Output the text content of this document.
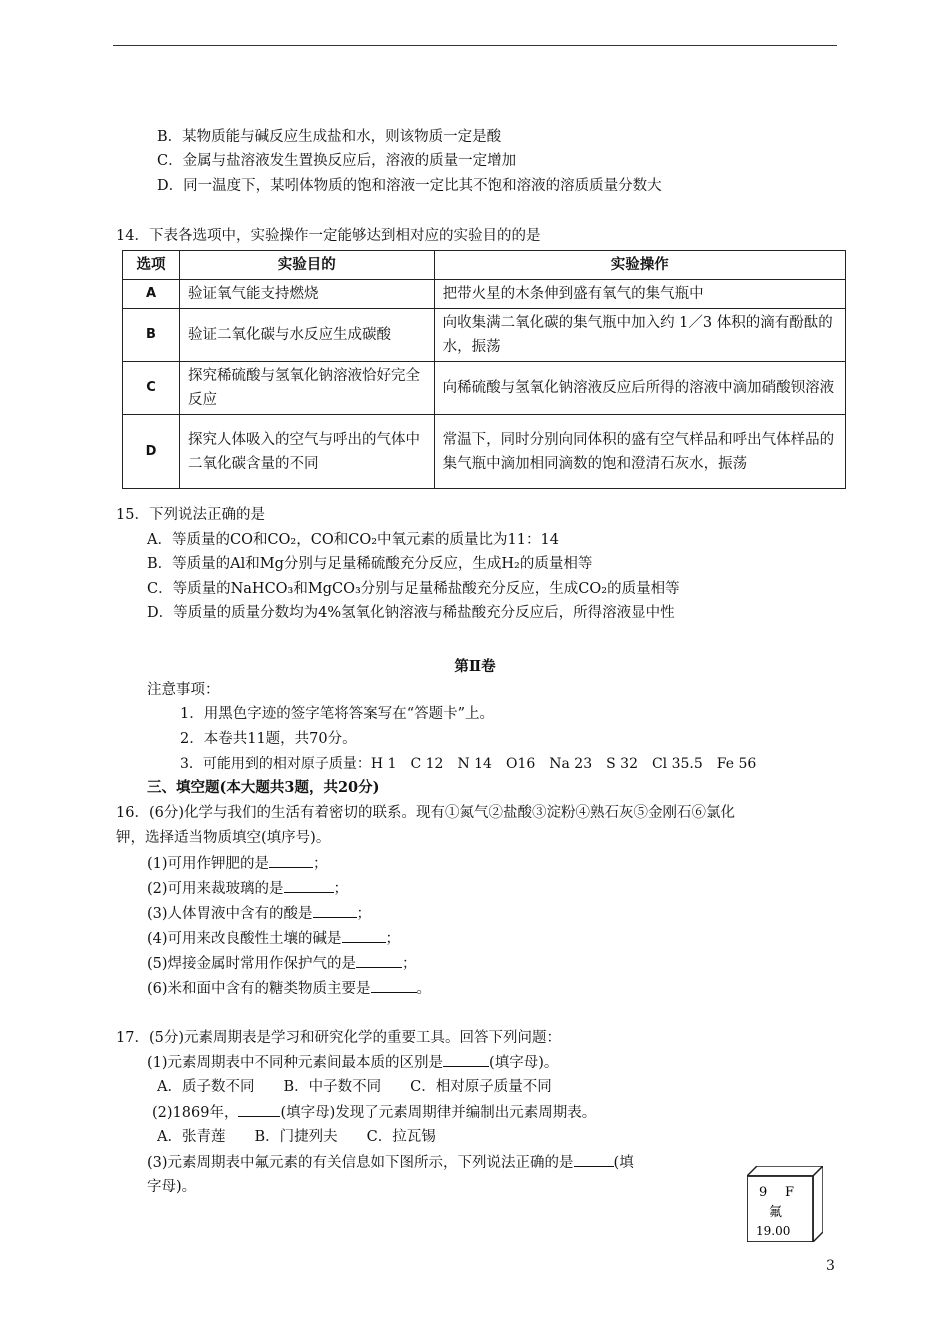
B．某物质能与碱反应生成盐和水，则该物质一定是酸
C．金属与盐溶液发生置换反应后，溶液的质量一定增加
D．同一温度下，某吲体物质的饱和溶液一定比其不饱和溶液的溶质质量分数大
14．下表各选项中，实验操作一定能够达到相对应的实验目的的是
选项	实验目的	实验操作
A	验证氧气能支持燃烧	把带火星的木条伸到盛有氧气的集气瓶中
B	验证二氧化碳与水反应生成碳酸	向收集满二氧化碳的集气瓶中加入约 1／3 体积的滴有酚酞的水，振荡
C	探究稀硫酸与氢氧化钠溶液恰好完全反应	向稀硫酸与氢氧化钠溶液反应后所得的溶液中滴加硝酸钡溶液
D	探究人体吸入的空气与呼出的气体中二氧化碳含量的不同	常温下，同时分别向同体积的盛有空气样品和呼出气体样品的集气瓶中滴加相同滴数的饱和澄清石灰水，振荡
15．下列说法正确的是
A．等质量的CO和CO₂，CO和CO₂中氧元素的质量比为11：14
B．等质量的Al和Mg分别与足量稀硫酸充分反应，生成H₂的质量相等
C．等质量的NaHCO₃和MgCO₃分别与足量稀盐酸充分反应，生成CO₂的质量相等
D．等质量的质量分数均为4%氢氧化钠溶液与稀盐酸充分反应后，所得溶液显中性
第Ⅱ卷
注意事项：
1．用黑色字迹的签字笔将答案写在“答题卡”上。
2．本卷共11题，共70分。
3．可能用到的相对原子质量：H 1　C 12　N 14　O16　Na 23　S 32　Cl 35.5　Fe 56
三、填空题(本大题共3题，共20分)
16．(6分)化学与我们的生活有着密切的联系。现有①氮气②盐酸③淀粉④熟石灰⑤金刚石⑥氯化
钾，选择适当物质填空(填序号)。
(1)可用作钾肥的是	；
(2)可用来裁玻璃的是	；
(3)人体胃液中含有的酸是	；
(4)可用来改良酸性土壤的碱是	；
(5)焊接金属时常用作保护气的是	；
(6)米和面中含有的糖类物质主要是	。
17．(5分)元素周期表是学习和研究化学的重要工具。回答下列问题：
(1)元素周期表中不同种元素间最本质的区别是	(填字母)。
A．质子数不同　　B．中子数不同　　C．相对原子质量不同
(2)1869年，	(填字母)发现了元素周期律并编制出元素周期表。
A．张青莲　　B．门捷列夫　　C．拉瓦锡
(3)元素周期表中氟元素的有关信息如下图所示，下列说法正确的是	(填
字母)。	9 F
氟
19.00
3
